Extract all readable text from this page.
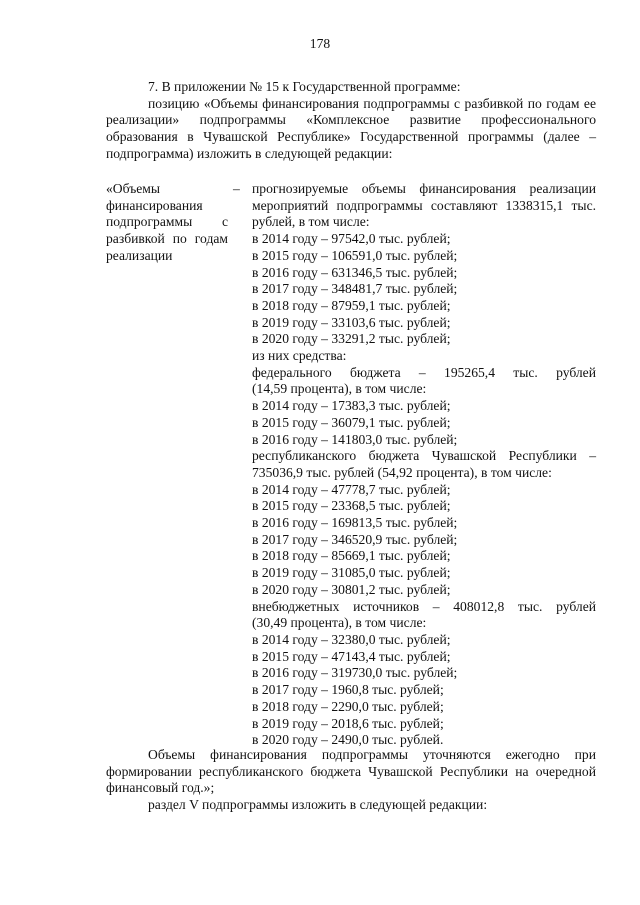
178

7. В приложении № 15 к Государственной программе:

позицию «Объемы финансирования подпрограммы с разбивкой по годам ее реализации» подпрограммы «Комплексное развитие профессионального образования в Чувашской Республике» Государственной программы (далее – подпрограмма) изложить в следующей редакции:

«Объемы финансирования подпрограммы с разбивкой по годам реализации
– прогнозируемые объемы финансирования реализации мероприятий подпрограммы составляют 1338315,1 тыс. рублей, в том числе:
в 2014 году – 97542,0 тыс. рублей;
в 2015 году – 106591,0 тыс. рублей;
в 2016 году – 631346,5 тыс. рублей;
в 2017 году – 348481,7 тыс. рублей;
в 2018 году – 87959,1 тыс. рублей;
в 2019 году – 33103,6 тыс. рублей;
в 2020 году – 33291,2 тыс. рублей;
из них средства:
федерального бюджета – 195265,4 тыс. рублей
(14,59 процента), в том числе:
в 2014 году – 17383,3 тыс. рублей;
в 2015 году – 36079,1 тыс. рублей;
в 2016 году – 141803,0 тыс. рублей;
республиканского бюджета Чувашской Республики –
735036,9 тыс. рублей (54,92 процента), в том числе:
в 2014 году – 47778,7 тыс. рублей;
в 2015 году – 23368,5 тыс. рублей;
в 2016 году – 169813,5 тыс. рублей;
в 2017 году – 346520,9 тыс. рублей;
в 2018 году – 85669,1 тыс. рублей;
в 2019 году – 31085,0 тыс. рублей;
в 2020 году – 30801,2 тыс. рублей;
внебюджетных источников – 408012,8 тыс. рублей
(30,49 процента), в том числе:
в 2014 году – 32380,0 тыс. рублей;
в 2015 году – 47143,4 тыс. рублей;
в 2016 году – 319730,0 тыс. рублей;
в 2017 году – 1960,8 тыс. рублей;
в 2018 году – 2290,0 тыс. рублей;
в 2019 году – 2018,6 тыс. рублей;
в 2020 году – 2490,0 тыс. рублей.

Объемы финансирования подпрограммы уточняются ежегодно при формировании республиканского бюджета Чувашской Республики на очередной финансовый год.»;

раздел V подпрограммы изложить в следующей редакции:
